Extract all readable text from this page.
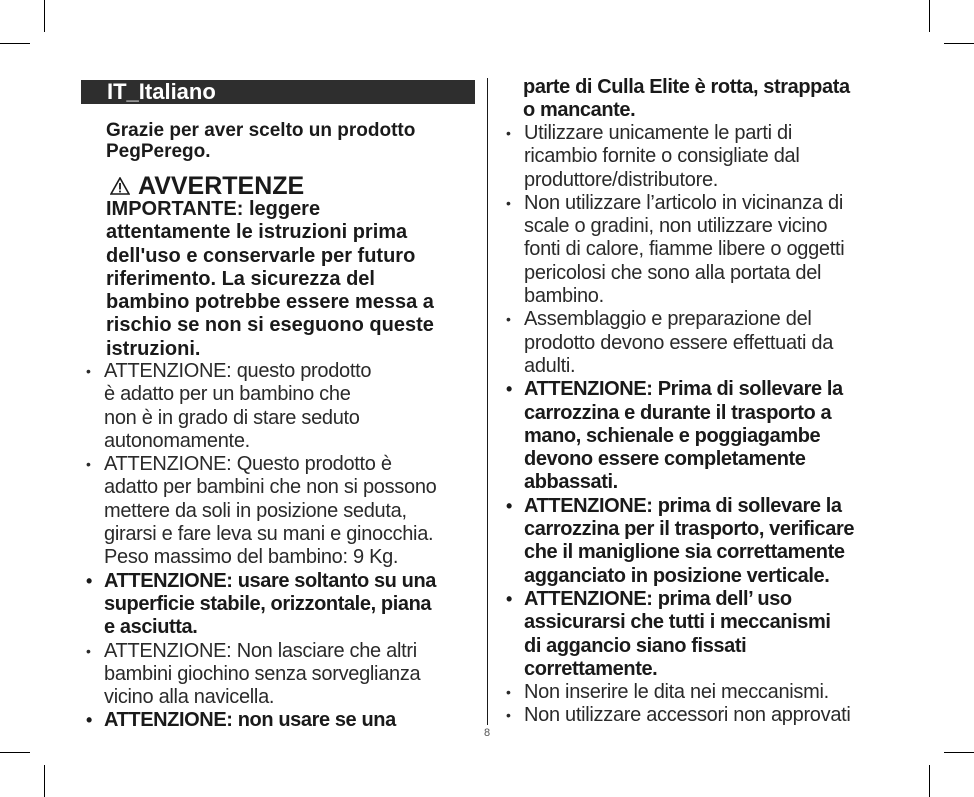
IT_Italiano
Grazie per aver scelto un prodotto
PegPerego.
AVVERTENZE
IMPORTANTE: leggere
attentamente le istruzioni prima
dell'uso e conservarle per futuro
riferimento. La sicurezza del
bambino potrebbe essere messa a
rischio se non si eseguono queste
istruzioni.
• ATTENZIONE: questo prodotto
è adatto per un bambino che
non è in grado di stare seduto
autonomamente.
• ATTENZIONE: Questo prodotto è
adatto per bambini che non si possono
mettere da soli in posizione seduta,
girarsi e fare leva su mani e ginocchia.
Peso massimo del bambino: 9 Kg.
• ATTENZIONE: usare soltanto su una
superficie stabile, orizzontale, piana
e asciutta.
• ATTENZIONE: Non lasciare che altri
bambini giochino senza sorveglianza
vicino alla navicella.
• ATTENZIONE: non usare se una
parte di Culla Elite è rotta, strappata
o mancante.
• Utilizzare unicamente le parti di
ricambio fornite o consigliate dal
produttore/distributore.
• Non utilizzare l’articolo in vicinanza di
scale o gradini, non utilizzare vicino
fonti di calore, fiamme libere o oggetti
pericolosi che sono alla portata del
bambino.
• Assemblaggio e preparazione del
prodotto devono essere effettuati da
adulti.
• ATTENZIONE: Prima di sollevare la
carrozzina e durante il trasporto a
mano, schienale e poggiagambe
devono essere completamente
abbassati.
• ATTENZIONE: prima di sollevare la
carrozzina per il trasporto, verificare
che il maniglione sia correttamente
agganciato in posizione verticale.
• ATTENZIONE: prima dell’ uso
assicurarsi che tutti i meccanismi
di aggancio siano fissati
correttamente.
• Non inserire le dita nei meccanismi.
• Non utilizzare accessori non approvati
8
